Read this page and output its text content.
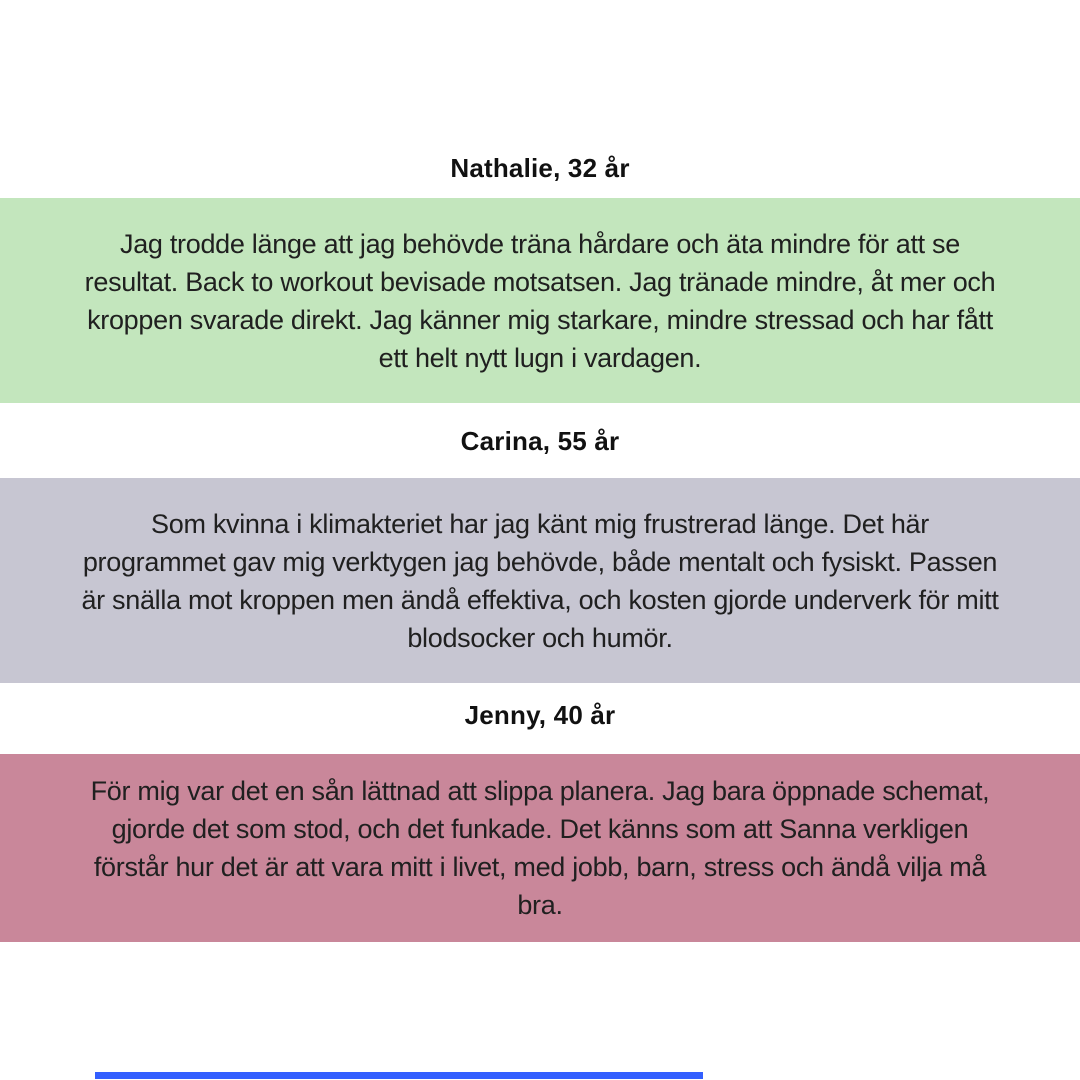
Nathalie, 32 år

Jag trodde länge att jag behövde träna hårdare och äta mindre för att se resultat. Back to workout bevisade motsatsen. Jag tränade mindre, åt mer och kroppen svarade direkt. Jag känner mig starkare, mindre stressad och har fått ett helt nytt lugn i vardagen.

Carina, 55 år

Som kvinna i klimakteriet har jag känt mig frustrerad länge. Det här programmet gav mig verktygen jag behövde, både mentalt och fysiskt. Passen är snälla mot kroppen men ändå effektiva, och kosten gjorde underverk för mitt blodsocker och humör.

Jenny, 40 år

För mig var det en sån lättnad att slippa planera. Jag bara öppnade schemat, gjorde det som stod, och det funkade. Det känns som att Sanna verkligen förstår hur det är att vara mitt i livet, med jobb, barn, stress och ändå vilja må bra.
